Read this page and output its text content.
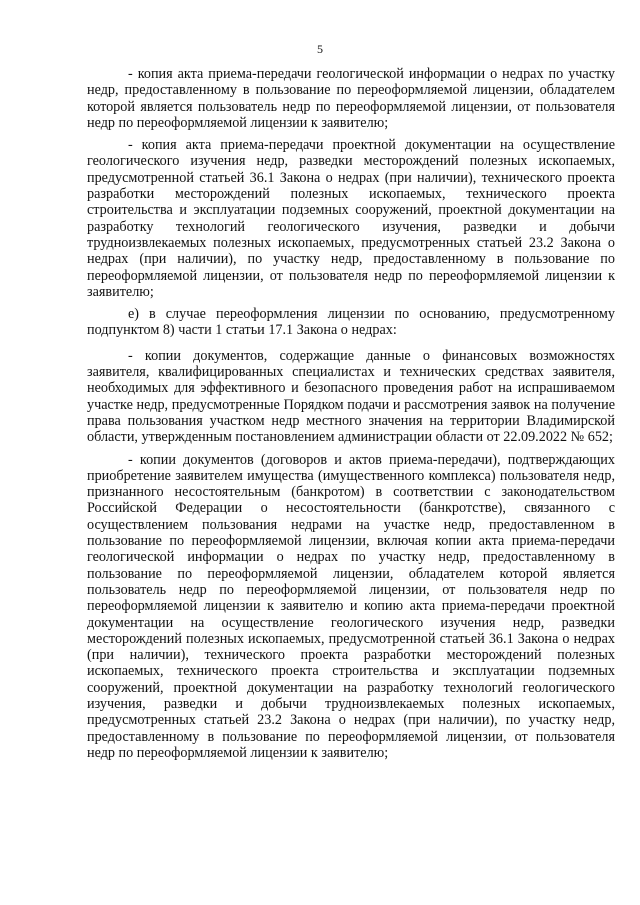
5

- копия акта приема-передачи геологической информации о недрах по участку недр, предоставленному в пользование по переоформляемой лицензии, обладателем которой является пользователь недр по переоформляемой лицензии, от пользователя недр по переоформляемой лицензии к заявителю;

- копия акта приема-передачи проектной документации на осуществление геологического изучения недр, разведки месторождений полезных ископаемых, предусмотренной статьей 36.1 Закона о недрах (при наличии), технического проекта разработки месторождений полезных ископаемых, технического проекта строительства и эксплуатации подземных сооружений, проектной документации на разработку технологий геологического изучения, разведки и добычи трудноизвлекаемых полезных ископаемых, предусмотренных статьей 23.2 Закона о недрах (при наличии), по участку недр, предоставленному в пользование по переоформляемой лицензии, от пользователя недр по переоформляемой лицензии к заявителю;

е) в случае переоформления лицензии по основанию, предусмотренному подпунктом 8) части 1 статьи 17.1 Закона о недрах:

- копии документов, содержащие данные о финансовых возможностях заявителя, квалифицированных специалистах и технических средствах заявителя, необходимых для эффективного и безопасного проведения работ на испрашиваемом участке недр, предусмотренные Порядком подачи и рассмотрения заявок на получение права пользования участком недр местного значения на территории Владимирской области, утвержденным постановлением администрации области от 22.09.2022 № 652;

- копии документов (договоров и актов приема-передачи), подтверждающих приобретение заявителем имущества (имущественного комплекса) пользователя недр, признанного несостоятельным (банкротом) в соответствии с законодательством Российской Федерации о несостоятельности (банкротстве), связанного с осуществлением пользования недрами на участке недр, предоставленном в пользование по переоформляемой лицензии, включая копии акта приема-передачи геологической информации о недрах по участку недр, предоставленному в пользование по переоформляемой лицензии, обладателем которой является пользователь недр по переоформляемой лицензии, от пользователя недр по переоформляемой лицензии к заявителю и копию акта приема-передачи проектной документации на осуществление геологического изучения недр, разведки месторождений полезных ископаемых, предусмотренной статьей 36.1 Закона о недрах (при наличии), технического проекта разработки месторождений полезных ископаемых, технического проекта строительства и эксплуатации подземных сооружений, проектной документации на разработку технологий геологического изучения, разведки и добычи трудноизвлекаемых полезных ископаемых, предусмотренных статьей 23.2 Закона о недрах (при наличии), по участку недр, предоставленному в пользование по переоформляемой лицензии, от пользователя недр по переоформляемой лицензии к заявителю;
